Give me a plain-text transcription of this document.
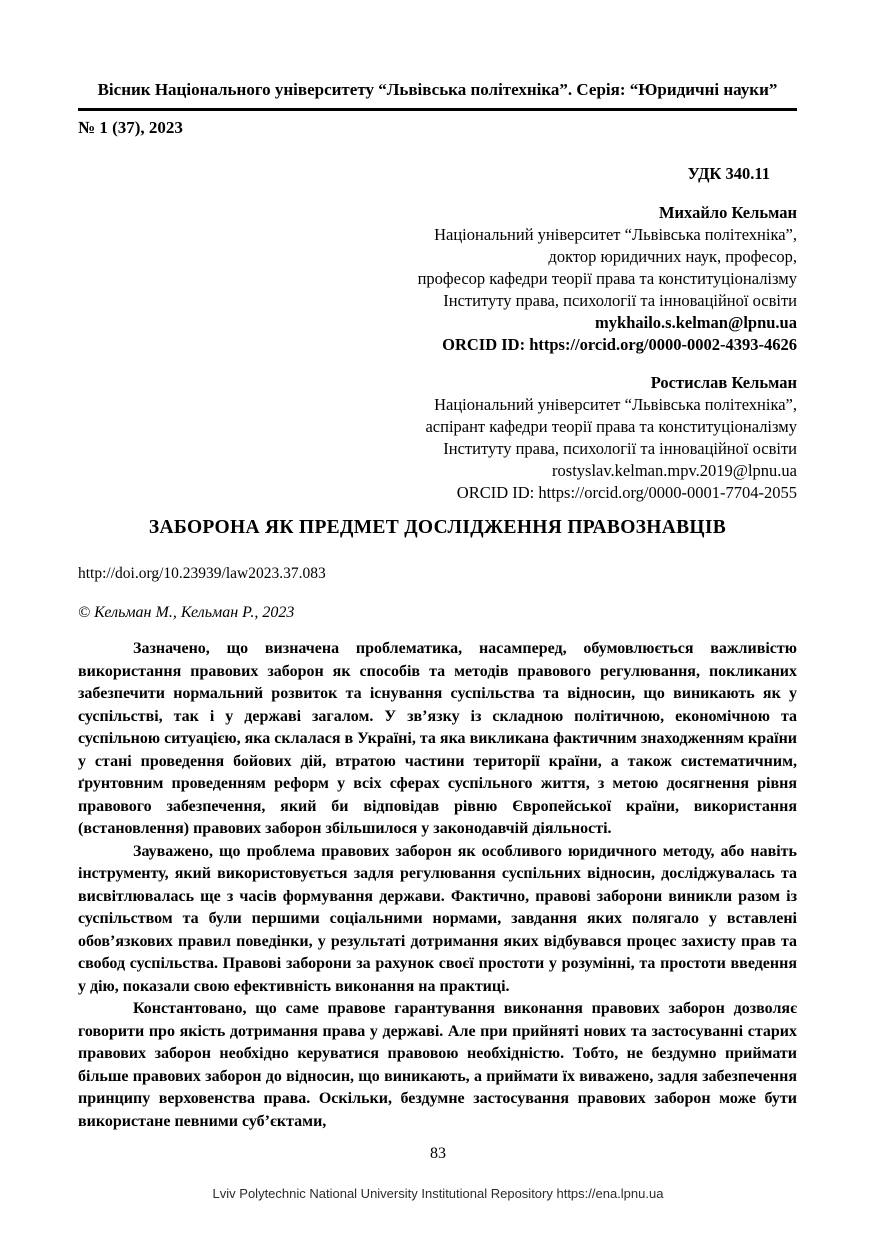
Вісник Національного університету “Львівська політехніка”. Серія: “Юридичні науки”
№ 1 (37), 2023
УДК 340.11
Михайло Кельман
Національний університет “Львівська політехніка”,
доктор юридичних наук, професор,
професор кафедри теорії права та конституціоналізму
Інституту права, психології та інноваційної освіти
mykhailo.s.kelman@lpnu.ua
ORCID ID: https://orcid.org/0000-0002-4393-4626
Ростислав Кельман
Національний університет “Львівська політехніка”,
аспірант кафедри теорії права та конституціоналізму
Інституту права, психології та інноваційної освіти
rostyslav.kelman.mpv.2019@lpnu.ua
ORCID ID: https://orcid.org/0000-0001-7704-2055
ЗАБОРОНА ЯК ПРЕДМЕТ ДОСЛІДЖЕННЯ ПРАВОЗНАВЦІВ
http://doi.org/10.23939/law2023.37.083
© Кельман М., Кельман Р., 2023

Зазначено, що визначена проблематика, насамперед, обумовлюється важливістю використання правових заборон як способів та методів правового регулювання, покликаних забезпечити нормальний розвиток та існування суспільства та відносин, що виникають як у суспільстві, так і у державі загалом. У зв’язку із складною політичною, економічною та суспільною ситуацією, яка склалася в Україні, та яка викликана фактичним знаходженням країни у стані проведення бойових дій, втратою частини території країни, а також систематичним, ґрунтовним проведенням реформ у всіх сферах суспільного життя, з метою досягнення рівня правового забезпечення, який би відповідав рівню Європейської країни, використання (встановлення) правових заборон збільшилося у законодавчій діяльності.

Зауважено, що проблема правових заборон як особливого юридичного методу, або навіть інструменту, який використовується задля регулювання суспільних відносин, досліджувалась та висвітлювалась ще з часів формування держави. Фактично, правові заборони виникли разом із суспільством та були першими соціальними нормами, завдання яких полягало у вставлені обов’язкових правил поведінки, у результаті дотримання яких відбувався процес захисту прав та свобод суспільства. Правові заборони за рахунок своєї простоти у розумінні, та простоти введення у дію, показали свою ефективність виконання на практиці.

Константовано, що саме правове гарантування виконання правових заборон дозволяє говорити про якість дотримання права у державі. Але при прийняті нових та застосуванні старих правових заборон необхідно керуватися правовою необхідністю. Тобто, не бездумно приймати більше правових заборон до відносин, що виникають, а приймати їх виважено, задля забезпечення принципу верховенства права. Оскільки, бездумне застосування правових заборон може бути використане певними суб’єктами,

83
Lviv Polytechnic National University Institutional Repository https://ena.lpnu.ua
